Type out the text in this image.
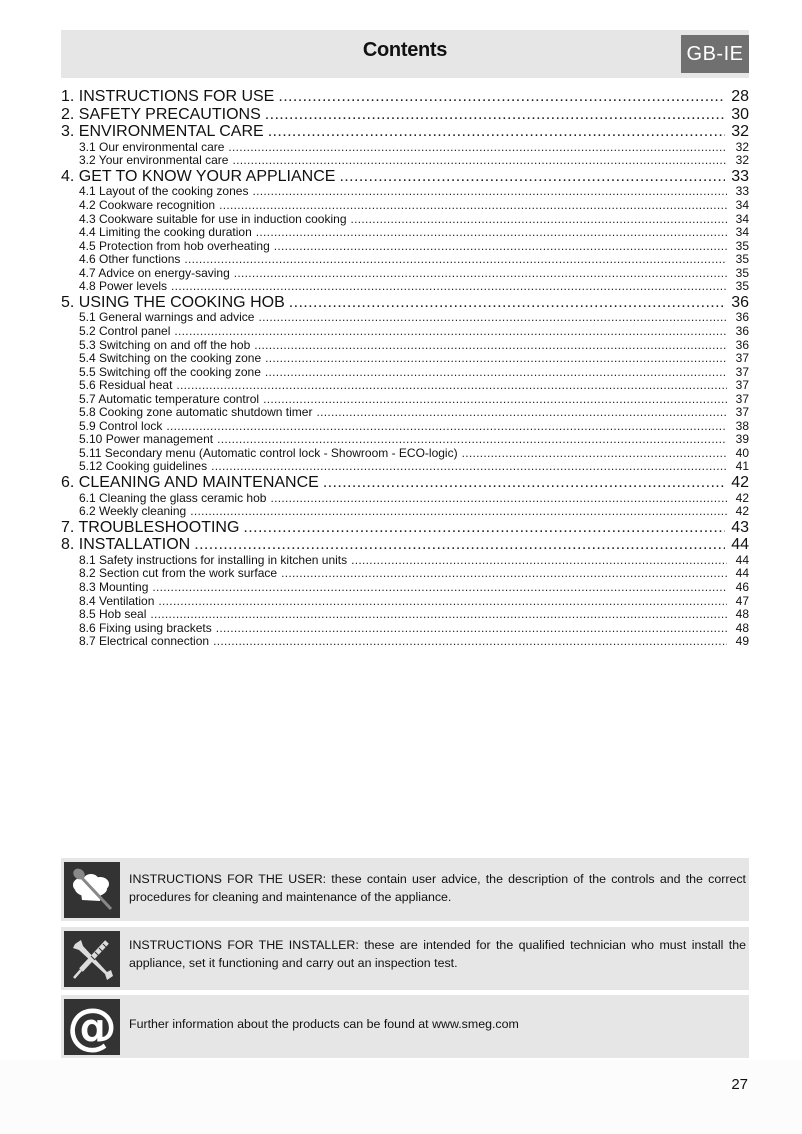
Contents	GB-IE
1. INSTRUCTIONS FOR USE .....	28
2. SAFETY PRECAUTIONS .....	30
3. ENVIRONMENTAL CARE .....	32
3.1 Our environmental care .....	32
3.2 Your environmental care .....	32
4. GET TO KNOW YOUR APPLIANCE .....	33
4.1 Layout of the cooking zones .....	33
4.2 Cookware recognition .....	34
4.3 Cookware suitable for use in induction cooking .....	34
4.4 Limiting the cooking duration .....	34
4.5 Protection from hob overheating .....	35
4.6 Other functions .....	35
4.7 Advice on energy-saving .....	35
4.8 Power levels .....	35
5. USING THE COOKING HOB .....	36
5.1 General warnings and advice .....	36
5.2 Control panel .....	36
5.3 Switching on and off the hob .....	36
5.4 Switching on the cooking zone .....	37
5.5 Switching off the cooking zone .....	37
5.6 Residual heat .....	37
5.7 Automatic temperature control .....	37
5.8 Cooking zone automatic shutdown timer .....	37
5.9 Control lock .....	38
5.10 Power management .....	39
5.11 Secondary menu (Automatic control lock - Showroom - ECO-logic) .....	40
5.12 Cooking guidelines .....	41
6. CLEANING AND MAINTENANCE .....	42
6.1 Cleaning the glass ceramic hob .....	42
6.2 Weekly cleaning .....	42
7. TROUBLESHOOTING .....	43
8. INSTALLATION .....	44
8.1 Safety instructions for installing in kitchen units .....	44
8.2 Section cut from the work surface .....	44
8.3 Mounting .....	46
8.4 Ventilation .....	47
8.5 Hob seal .....	48
8.6 Fixing using brackets .....	48
8.7 Electrical connection .....	49
INSTRUCTIONS FOR THE USER: these contain user advice, the description of the controls and the correct procedures for cleaning and maintenance of the appliance.
INSTRUCTIONS FOR THE INSTALLER: these are intended for the qualified technician who must install the appliance, set it functioning and carry out an inspection test.
@ Further information about the products can be found at www.smeg.com
27
